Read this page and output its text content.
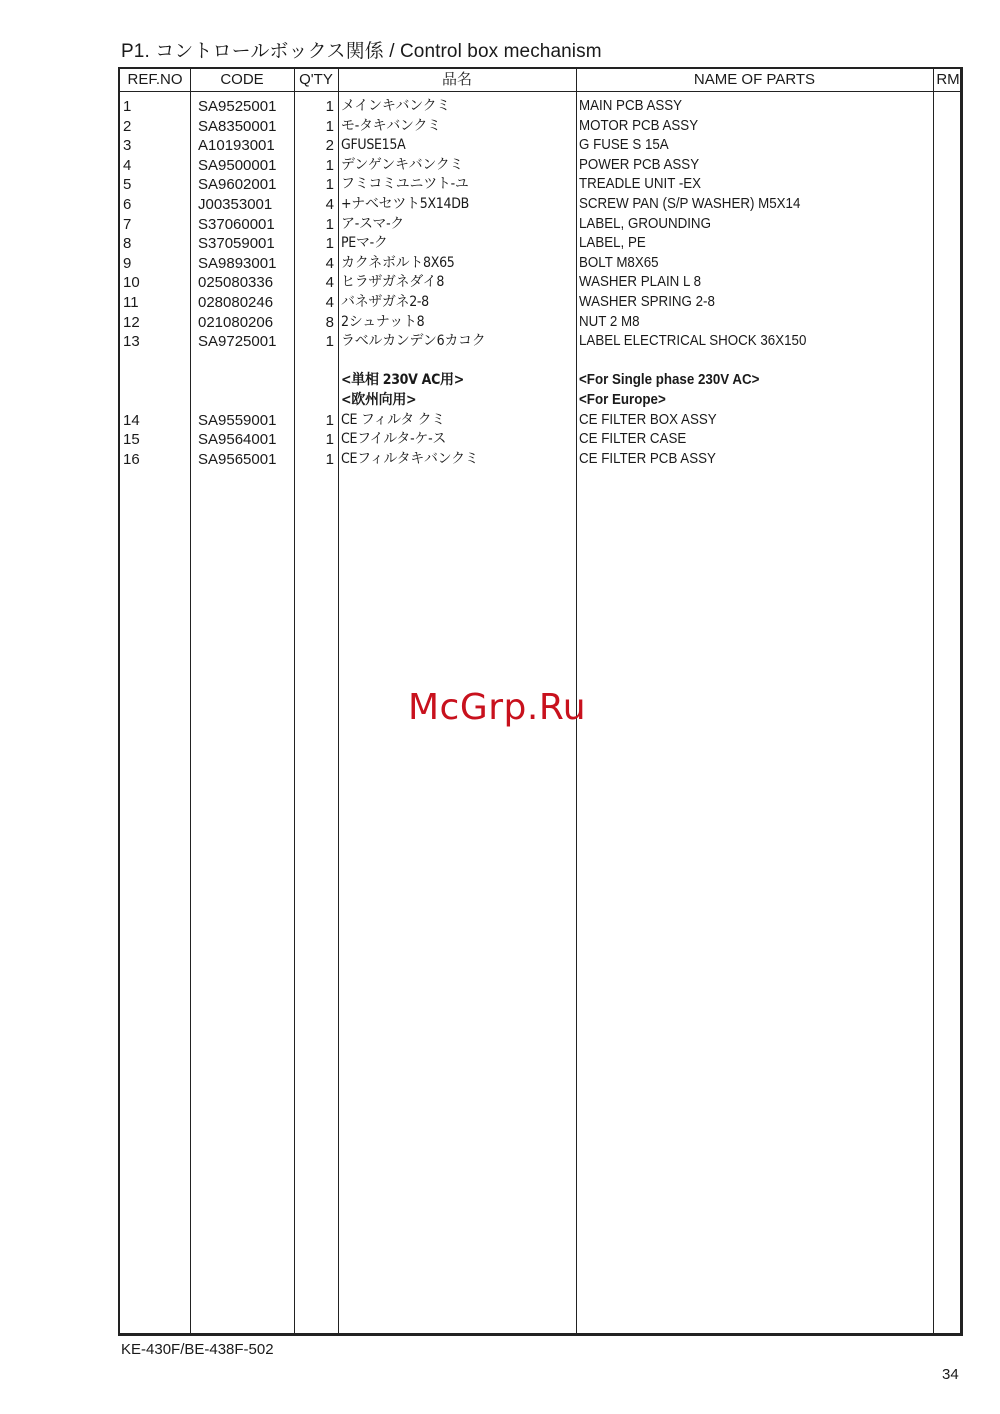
P1. コントロールボックス関係 / Control box mechanism
REF.NO	CODE	Q'TY	品名	NAME OF PARTS	RM
1	SA9525001	1 メインキバンクミ	MAIN PCB ASSY
2	SA8350001	1 モ-タキバンクミ	MOTOR PCB ASSY
3	A10193001	2 GFUSE15A	G FUSE S 15A
4	SA9500001	1 デンゲンキバンクミ	POWER PCB ASSY
5	SA9602001	1 フミコミユニツト-ユ	TREADLE UNIT -EX
6	J00353001	4 +ナベセツト5X14DB	SCREW PAN (S/P WASHER) M5X14
7	S37060001	1 ア-スマ-ク	LABEL, GROUNDING
8	S37059001	1 PEマ-ク	LABEL, PE
9	SA9893001	4 カクネボルト8X65	BOLT M8X65
10	025080336	4 ヒラザガネダイ8	WASHER PLAIN L 8
11	028080246	4 バネザガネ2-8	WASHER SPRING 2-8
12	021080206	8 2シュナット8	NUT 2 M8
13	SA9725001	1 ラベルカンデン6カコク	LABEL ELECTRICAL SHOCK 36X150
<単相 230V AC用>	<For Single phase 230V AC>
<欧州向用>	<For Europe>
14	SA9559001	1 CE フィルタ クミ	CE FILTER BOX ASSY
15	SA9564001	1 CEフイルタ-ケ-ス	CE FILTER CASE
16	SA9565001	1 CEフィルタキバンクミ	CE FILTER PCB ASSY
McGrp.Ru
KE-430F/BE-438F-502
34
